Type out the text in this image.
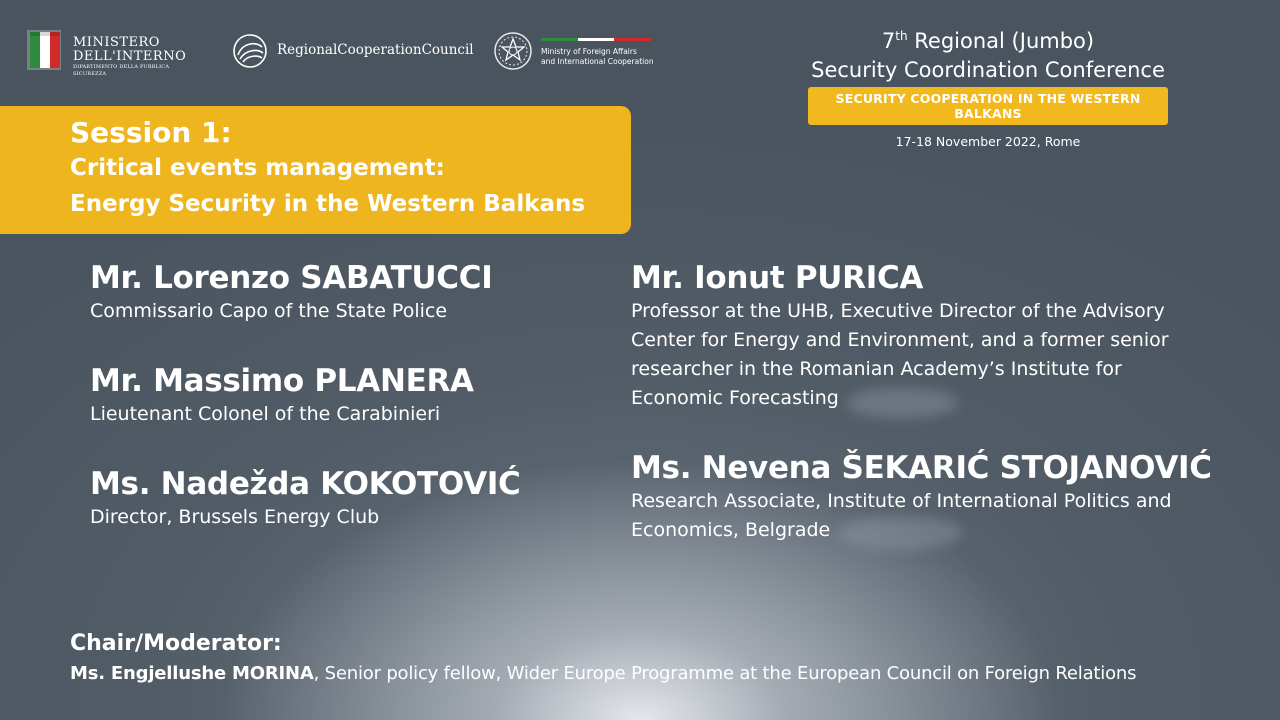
MINISTERO
DELL'INTERNO
DIPARTIMENTO DELLA PUBBLICA SICUREZZA
RegionalCooperationCouncil	Ministry of Foreign Affairs
and International Cooperation
7th Regional (Jumbo)
Security Coordination Conference
SECURITY COOPERATION IN THE WESTERN BALKANS
17-18 November 2022, Rome
Session 1:
Critical events management:
Energy Security in the Western Balkans
Mr. Lorenzo SABATUCCI
Commissario Capo of the State Police
Mr. Massimo PLANERA
Lieutenant Colonel of the Carabinieri
Ms. Nadežda KOKOTOVIĆ
Director, Brussels Energy Club
Mr. Ionut PURICA
Professor at the UHB, Executive Director of the Advisory
Center for Energy and Environment, and a former senior
researcher in the Romanian Academy’s Institute for
Economic Forecasting
Ms. Nevena ŠEKARIĆ STOJANOVIĆ
Research Associate, Institute of International Politics and
Economics, Belgrade
Chair/Moderator:
Ms. Engjellushe MORINA, Senior policy fellow, Wider Europe Programme at the European Council on Foreign Relations
